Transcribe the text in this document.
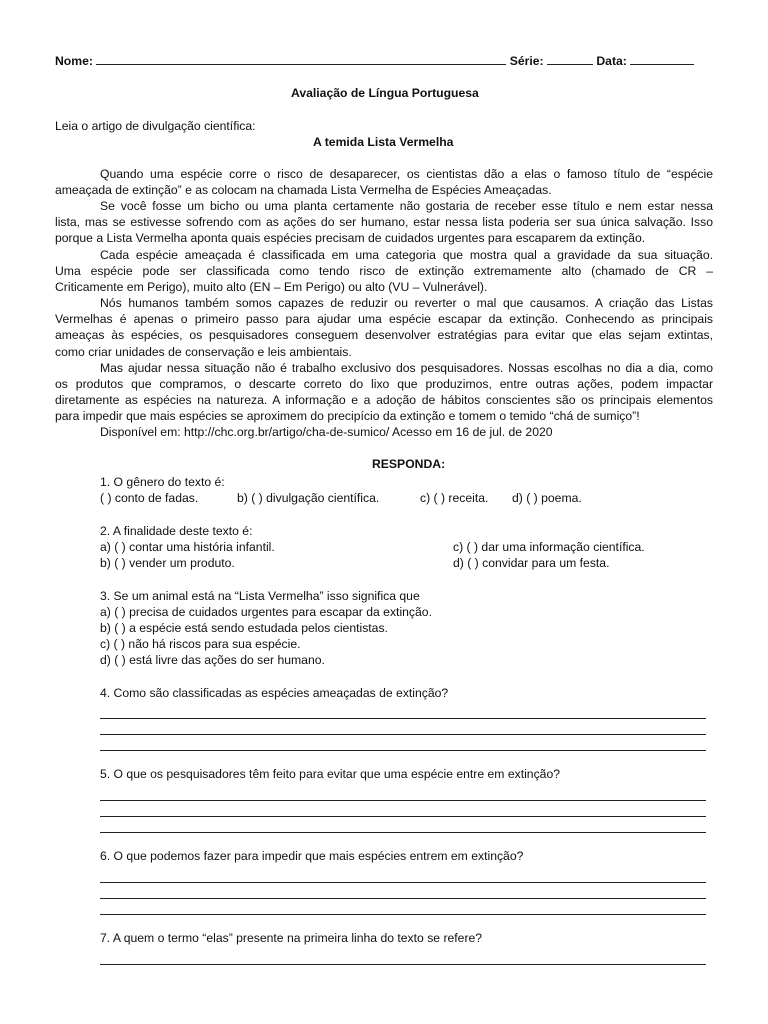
Nome:	Série:	Data:
Avaliação de Língua Portuguesa
Leia o artigo de divulgação científica:
A temida Lista Vermelha
Quando uma espécie corre o risco de desaparecer, os cientistas dão a elas o famoso título de “espécie
ameaçada de extinção” e as colocam na chamada Lista Vermelha de Espécies Ameaçadas.
Se você fosse um bicho ou uma planta certamente não gostaria de receber esse título e nem estar nessa
lista, mas se estivesse sofrendo com as ações do ser humano, estar nessa lista poderia ser sua única salvação. Isso
porque a Lista Vermelha aponta quais espécies precisam de cuidados urgentes para escaparem da extinção.
Cada espécie ameaçada é classificada em uma categoria que mostra qual a gravidade da sua situação.
Uma espécie pode ser classificada como tendo risco de extinção extremamente alto (chamado de CR –
Criticamente em Perigo), muito alto (EN – Em Perigo) ou alto (VU – Vulnerável).
Nós humanos também somos capazes de reduzir ou reverter o mal que causamos. A criação das Listas
Vermelhas é apenas o primeiro passo para ajudar uma espécie escapar da extinção. Conhecendo as principais
ameaças às espécies, os pesquisadores conseguem desenvolver estratégias para evitar que elas sejam extintas,
como criar unidades de conservação e leis ambientais.
Mas ajudar nessa situação não é trabalho exclusivo dos pesquisadores. Nossas escolhas no dia a dia, como
os produtos que compramos, o descarte correto do lixo que produzimos, entre outras ações, podem impactar
diretamente as espécies na natureza. A informação e a adoção de hábitos conscientes são os principais elementos
para impedir que mais espécies se aproximem do precipício da extinção e tomem o temido “chá de sumiço”!
Disponível em: http://chc.org.br/artigo/cha-de-sumico/ Acesso em 16 de jul. de 2020
RESPONDA:
1. O gênero do texto é:
( ) conto de fadas.	b) ( ) divulgação científica.	c) ( ) receita. d) ( ) poema.
2. A finalidade deste texto é:
a) ( ) contar uma história infantil.	c) ( ) dar uma informação científica.
b) ( ) vender um produto.	d) ( ) convidar para um festa.
3. Se um animal está na “Lista Vermelha” isso significa que
a) ( ) precisa de cuidados urgentes para escapar da extinção.
b) ( ) a espécie está sendo estudada pelos cientistas.
c) ( ) não há riscos para sua espécie.
d) ( ) está livre das ações do ser humano.
4. Como são classificadas as espécies ameaçadas de extinção?
5. O que os pesquisadores têm feito para evitar que uma espécie entre em extinção?
6. O que podemos fazer para impedir que mais espécies entrem em extinção?
7. A quem o termo “elas” presente na primeira linha do texto se refere?
